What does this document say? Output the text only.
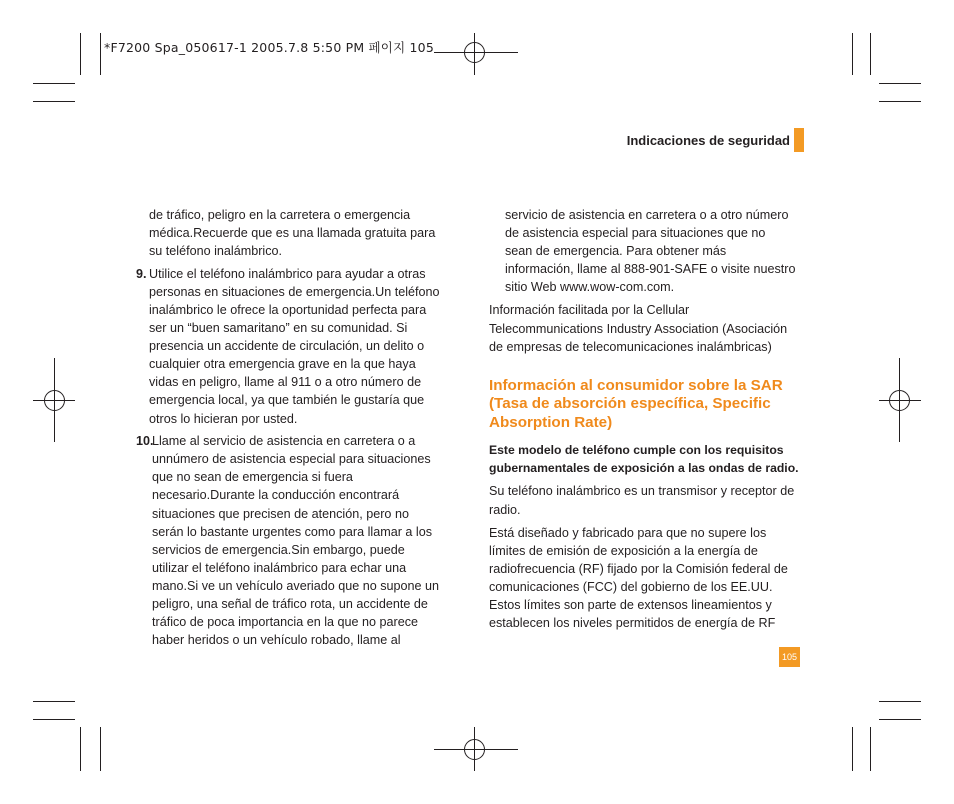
*F7200 Spa_050617-1 2005.7.8 5:50 PM 페이지 105
Indicaciones de seguridad

de tráfico, peligro en la carretera o emergencia

médica.Recuerde que es una llamada gratuita para

su teléfono inalámbrico.

9. Utilice el teléfono inalámbrico para ayudar a otras

personas en situaciones de emergencia.Un teléfono

inalámbrico le ofrece la oportunidad perfecta para

ser un “buen samaritano” en su comunidad. Si

presencia un accidente de circulación, un delito o

cualquier otra emergencia grave en la que haya

vidas en peligro, llame al 911 o a otro número de

emergencia local, ya que también le gustaría que

otros lo hicieran por usted.

10.

Llame al servicio de asistencia en carretera o a

unnúmero de asistencia especial para situaciones

que no sean de emergencia si fuera

necesario.Durante la conducción encontrará

situaciones que precisen de atención, pero no

serán lo bastante urgentes como para llamar a los

servicios de emergencia.Sin embargo, puede

utilizar el teléfono inalámbrico para echar una

mano.Si ve un vehículo averiado que no supone un

peligro, una señal de tráfico rota, un accidente de

tráfico de poca importancia en la que no parece

haber heridos o un vehículo robado, llame al

servicio de asistencia en carretera o a otro número

de asistencia especial para situaciones que no

sean de emergencia. Para obtener más

información, llame al 888-901-SAFE o visite nuestro

sitio Web www.wow-com.com.

Información facilitada por la Cellular

Telecommunications Industry Association (Asociación

de empresas de telecomunicaciones inalámbricas)

Información al consumidor sobre la SAR

(Tasa de absorción específica, Specific

Absorption Rate)

Este modelo de teléfono cumple con los requisitos

gubernamentales de exposición a las ondas de radio.

Su teléfono inalámbrico es un transmisor y receptor de

radio.

Está diseñado y fabricado para que no supere los

límites de emisión de exposición a la energía de

radiofrecuencia (RF) fijado por la Comisión federal de

comunicaciones (FCC) del gobierno de los EE.UU.

Estos límites son parte de extensos lineamientos y

establecen los niveles permitidos de energía de RF

105
